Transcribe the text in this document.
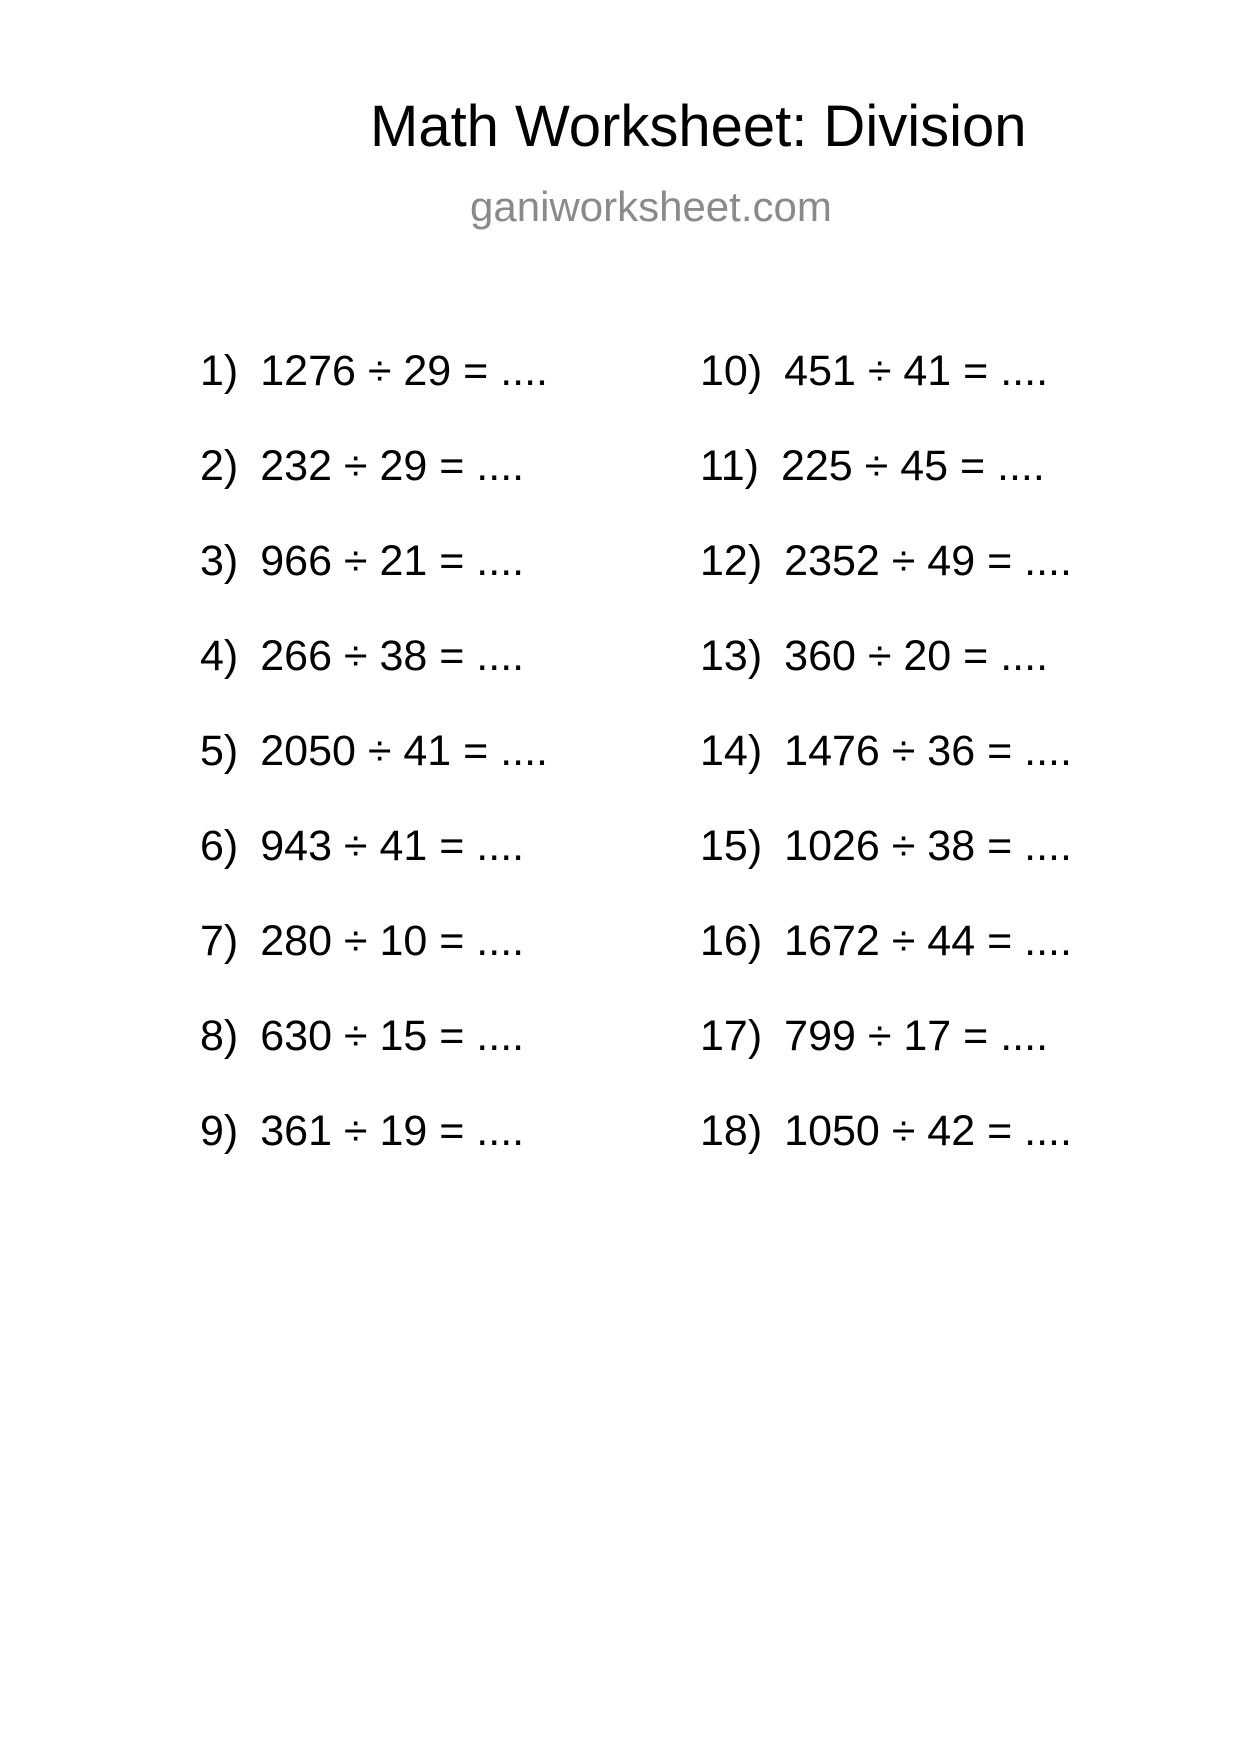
Math Worksheet: Division
ganiworksheet.com
1) 1276 ÷ 29 = ....
2) 232 ÷ 29 = ....
3) 966 ÷ 21 = ....
4) 266 ÷ 38 = ....
5) 2050 ÷ 41 = ....
6) 943 ÷ 41 = ....
7) 280 ÷ 10 = ....
8) 630 ÷ 15 = ....
9) 361 ÷ 19 = ....
10) 451 ÷ 41 = ....
11) 225 ÷ 45 = ....
12) 2352 ÷ 49 = ....
13) 360 ÷ 20 = ....
14) 1476 ÷ 36 = ....
15) 1026 ÷ 38 = ....
16) 1672 ÷ 44 = ....
17) 799 ÷ 17 = ....
18) 1050 ÷ 42 = ....
